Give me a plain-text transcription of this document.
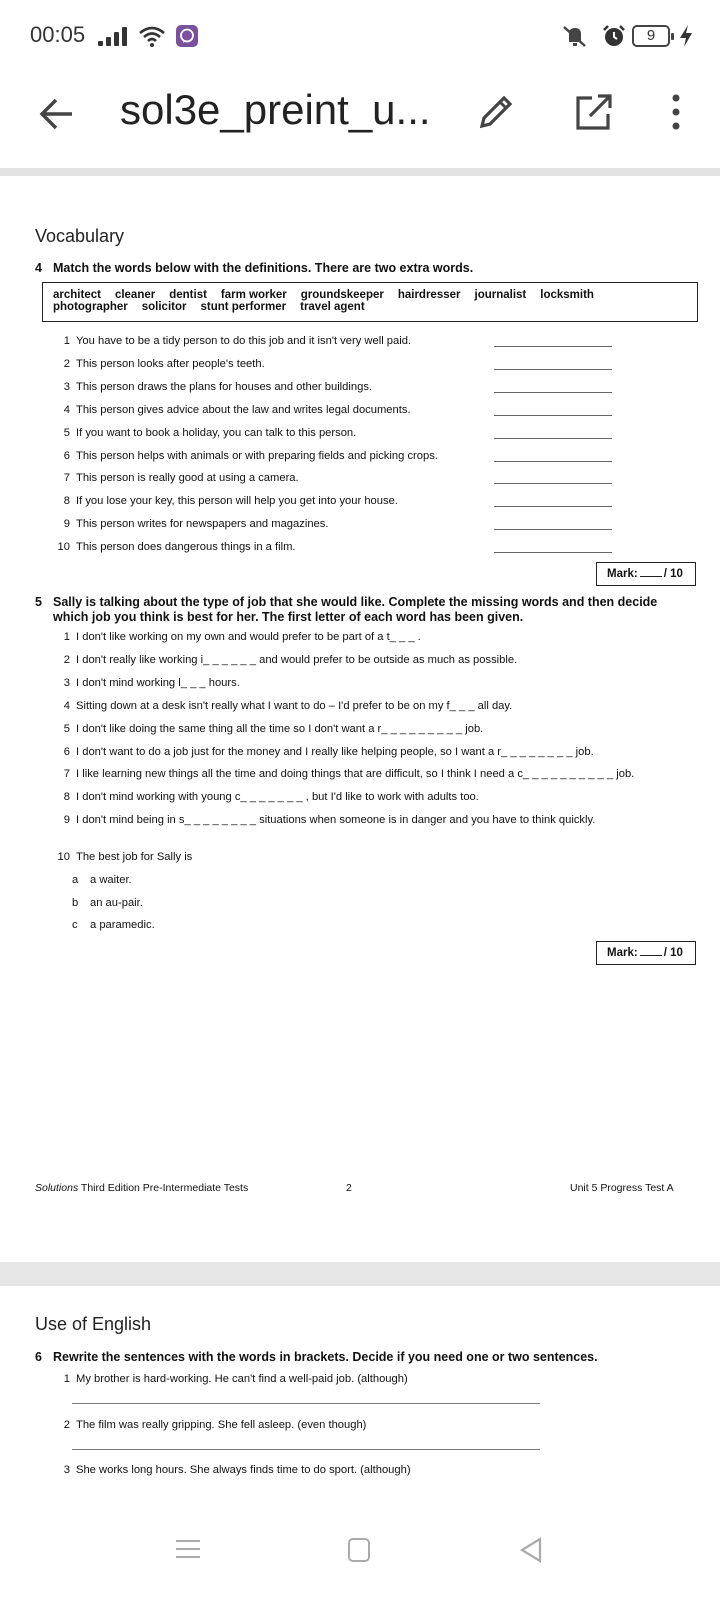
00:05	9
sol3e_preint_u...
Vocabulary
4 Match the words below with the definitions. There are two extra words.
architect cleaner dentist farm worker groundskeeper hairdresser journalist locksmith
photographer solicitor stunt performer travel agent
1 You have to be a tidy person to do this job and it isn't very well paid.
2 This person looks after people's teeth.
3 This person draws the plans for houses and other buildings.
4 This person gives advice about the law and writes legal documents.
5 If you want to book a holiday, you can talk to this person.
6 This person helps with animals or with preparing fields and picking crops.
7 This person is really good at using a camera.
8 If you lose your key, this person will help you get into your house.
9 This person writes for newspapers and magazines.
10 This person does dangerous things in a film.
Mark: / 10
5 Sally is talking about the type of job that she would like. Complete the missing words and then decide which job you think is best for her. The first letter of each word has been given.
1 I don't like working on my own and would prefer to be part of a t_ _ _ .
2 I don't really like working i_ _ _ _ _ _ and would prefer to be outside as much as possible.
3 I don't mind working l_ _ _ hours.
4 Sitting down at a desk isn't really what I want to do – I'd prefer to be on my f_ _ _ all day.
5 I don't like doing the same thing all the time so I don't want a r_ _ _ _ _ _ _ _ _ job.
6 I don't want to do a job just for the money and I really like helping people, so I want a r_ _ _ _ _ _ _ _ job.
7 I like learning new things all the time and doing things that are difficult, so I think I need a c_ _ _ _ _ _ _ _ _ _ job.
8 I don't mind working with young c_ _ _ _ _ _ _ , but I'd like to work with adults too.
9 I don't mind being in s_ _ _ _ _ _ _ _ situations when someone is in danger and you have to think quickly.
10 The best job for Sally is
a a waiter.
b an au-pair.
c a paramedic.
Mark: / 10
Solutions Third Edition Pre-Intermediate Tests	2	Unit 5 Progress Test A
Use of English
6 Rewrite the sentences with the words in brackets. Decide if you need one or two sentences.
1 My brother is hard-working. He can't find a well-paid job. (although)
2 The film was really gripping. She fell asleep. (even though)
3 She works long hours. She always finds time to do sport. (although)
